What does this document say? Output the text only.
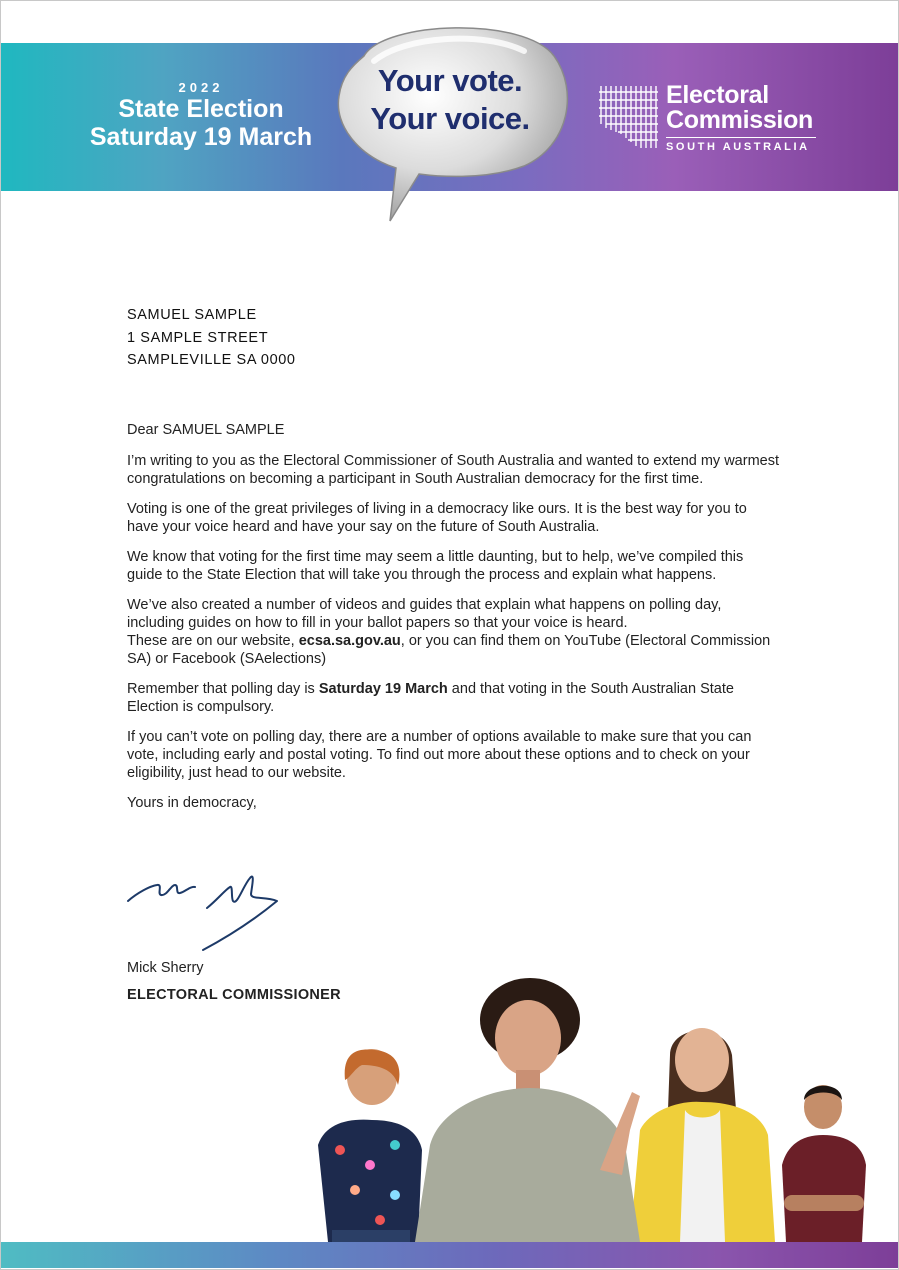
2022
State Election
Saturday 19 March
Your vote.
Your voice.
Electoral
Commission
SOUTH AUSTRALIA
SAMUEL SAMPLE
1 SAMPLE STREET
SAMPLEVILLE SA 0000

Dear SAMUEL SAMPLE

I’m writing to you as the Electoral Commissioner of South Australia and wanted to extend my warmest congratulations on becoming a participant in South Australian democracy for the first time.

Voting is one of the great privileges of living in a democracy like ours. It is the best way for you to have your voice heard and have your say on the future of South Australia.

We know that voting for the first time may seem a little daunting, but to help, we’ve compiled this guide to the State Election that will take you through the process and explain what happens.

We’ve also created a number of videos and guides that explain what happens on polling day, including guides on how to fill in your ballot papers so that your voice is heard.
These are on our website, ecsa.sa.gov.au, or you can find them on YouTube (Electoral Commission SA) or Facebook (SAelections)

Remember that polling day is Saturday 19 March and that voting in the South Australian State Election is compulsory.

If you can’t vote on polling day, there are a number of options available to make sure that you can vote, including early and postal voting. To find out more about these options and to check on your eligibility, just head to our website.

Yours in democracy,

Mick Sherry
ELECTORAL COMMISSIONER
